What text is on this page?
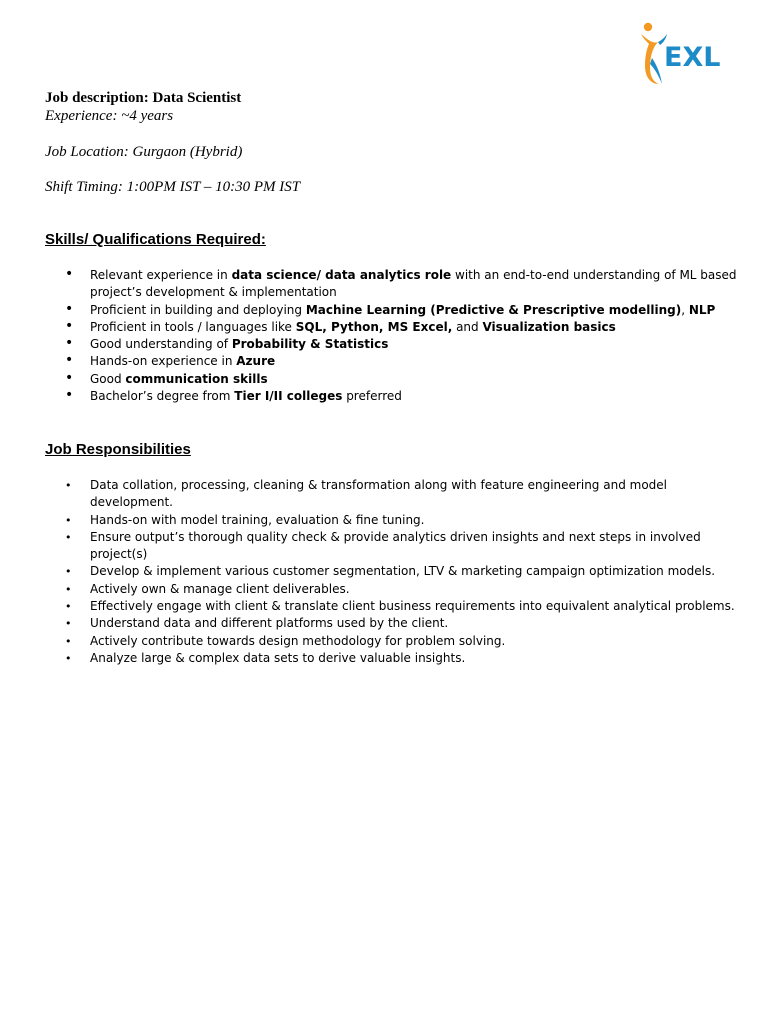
EXL

Job description: Data Scientist

Experience: ~4 years

Job Location: Gurgaon (Hybrid)

Shift Timing: 1:00PM IST – 10:30 PM IST

Skills/ Qualifications Required:
• Relevant experience in data science/ data analytics role with an end-to-end understanding of ML based project’s development & implementation
• Proficient in building and deploying Machine Learning (Predictive & Prescriptive modelling), NLP
• Proficient in tools / languages like SQL, Python, MS Excel, and Visualization basics
• Good understanding of Probability & Statistics
• Hands-on experience in Azure
• Good communication skills
• Bachelor’s degree from Tier I/II colleges preferred
Job Responsibilities
• Data collation, processing, cleaning & transformation along with feature engineering and model development.
• Hands-on with model training, evaluation & fine tuning.
• Ensure output’s thorough quality check & provide analytics driven insights and next steps in involved project(s)
• Develop & implement various customer segmentation, LTV & marketing campaign optimization models.
• Actively own & manage client deliverables.
• Effectively engage with client & translate client business requirements into equivalent analytical problems.
• Understand data and different platforms used by the client.
• Actively contribute towards design methodology for problem solving.
• Analyze large & complex data sets to derive valuable insights.
